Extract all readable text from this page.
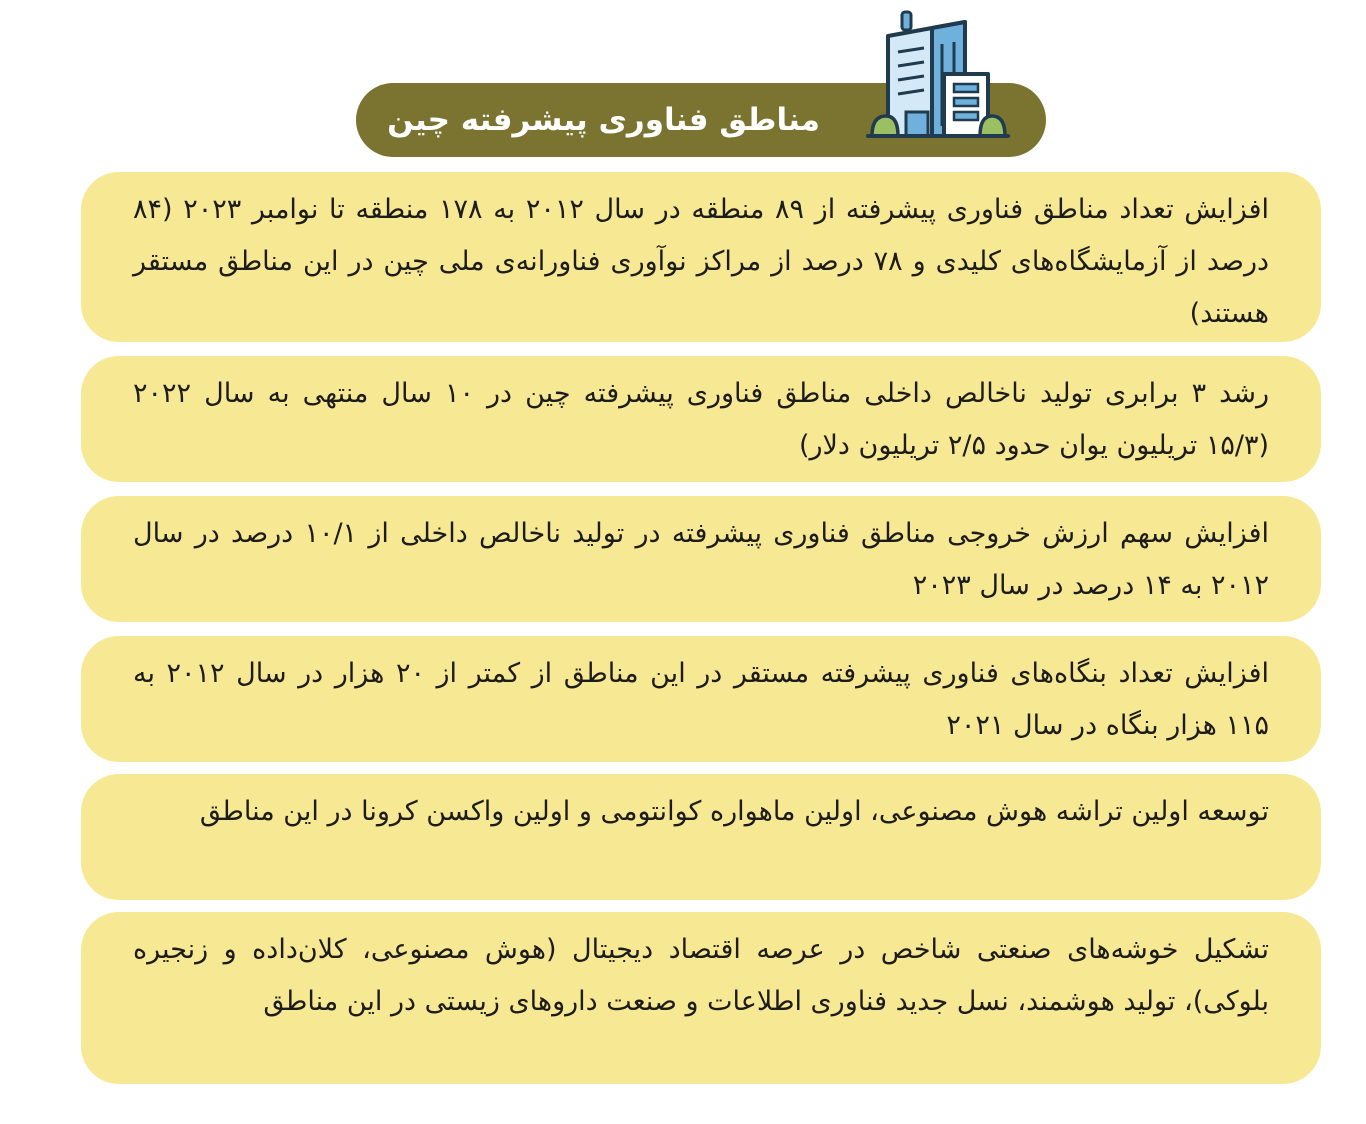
مناطق فناوری پیشرفته چین

افزایش تعداد مناطق فناوری پیشرفته از ۸۹ منطقه در سال ۲۰۱۲ به ۱۷۸ منطقه تا نوامبر ۲۰۲۳ (۸۴ درصد از آزمایشگاه‌های کلیدی و ۷۸ درصد از مراکز نوآوری فناورانه‌ی ملی چین در این مناطق مستقر هستند)

رشد ۳ برابری تولید ناخالص داخلی مناطق فناوری پیشرفته چین در ۱۰ سال منتهی به سال ۲۰۲۲ (۱۵/۳ تریلیون یوان حدود ۲/۵ تریلیون دلار)

افزایش سهم ارزش خروجی مناطق فناوری پیشرفته در تولید ناخالص داخلی از ۱۰/۱ درصد در سال ۲۰۱۲ به ۱۴ درصد در سال ۲۰۲۳

افزایش تعداد بنگاه‌های فناوری پیشرفته مستقر در این مناطق از کمتر از ۲۰ هزار در سال ۲۰۱۲ به ۱۱۵ هزار بنگاه در سال ۲۰۲۱

توسعه اولین تراشه هوش مصنوعی، اولین ماهواره کوانتومی و اولین واکسن کرونا در این مناطق

تشکیل خوشه‌های صنعتی شاخص در عرصه اقتصاد دیجیتال (هوش مصنوعی، کلان‌داده و زنجیره بلوکی)، تولید هوشمند، نسل جدید فناوری اطلاعات و صنعت داروهای زیستی در این مناطق
